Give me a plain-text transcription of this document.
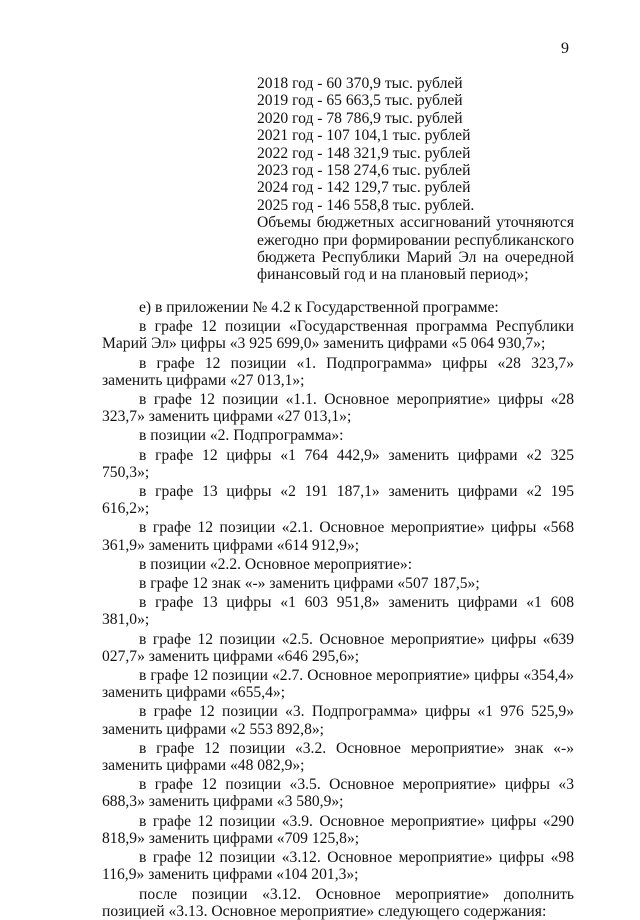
9
2018 год - 60 370,9 тыс. рублей
2019 год - 65 663,5 тыс. рублей
2020 год - 78 786,9 тыс. рублей
2021 год - 107 104,1 тыс. рублей
2022 год - 148 321,9 тыс. рублей
2023 год - 158 274,6 тыс. рублей
2024 год - 142 129,7 тыс. рублей
2025 год - 146 558,8 тыс. рублей.
Объемы бюджетных ассигнований уточняются ежегодно при формировании республиканского бюджета Республики Марий Эл на очередной финансовый год и на плановый период»;
е) в приложении № 4.2 к Государственной программе:
в графе 12 позиции «Государственная программа Республики Марий Эл» цифры «3 925 699,0» заменить цифрами «5 064 930,7»;
в графе 12 позиции «1. Подпрограмма» цифры «28 323,7» заменить цифрами «27 013,1»;
в графе 12 позиции «1.1. Основное мероприятие» цифры «28 323,7» заменить цифрами «27 013,1»;
в позиции «2. Подпрограмма»:
в графе 12 цифры «1 764 442,9» заменить цифрами «2 325 750,3»;
в графе 13 цифры «2 191 187,1» заменить цифрами «2 195 616,2»;
в графе 12 позиции «2.1. Основное мероприятие» цифры «568 361,9» заменить цифрами «614 912,9»;
в позиции «2.2. Основное мероприятие»:
в графе 12 знак «-» заменить цифрами «507 187,5»;
в графе 13 цифры «1 603 951,8» заменить цифрами «1 608 381,0»;
в графе 12 позиции «2.5. Основное мероприятие» цифры «639 027,7» заменить цифрами «646 295,6»;
в графе 12 позиции «2.7. Основное мероприятие» цифры «354,4» заменить цифрами «655,4»;
в графе 12 позиции «3. Подпрограмма» цифры «1 976 525,9» заменить цифрами «2 553 892,8»;
в графе 12 позиции «3.2. Основное мероприятие» знак «-» заменить цифрами «48 082,9»;
в графе 12 позиции «3.5. Основное мероприятие» цифры «3 688,3» заменить цифрами «3 580,9»;
в графе 12 позиции «3.9. Основное мероприятие» цифры «290 818,9» заменить цифрами «709 125,8»;
в графе 12 позиции «3.12. Основное мероприятие» цифры «98 116,9» заменить цифрами «104 201,3»;
после позиции «3.12. Основное мероприятие» дополнить позицией «3.13. Основное мероприятие» следующего содержания:
